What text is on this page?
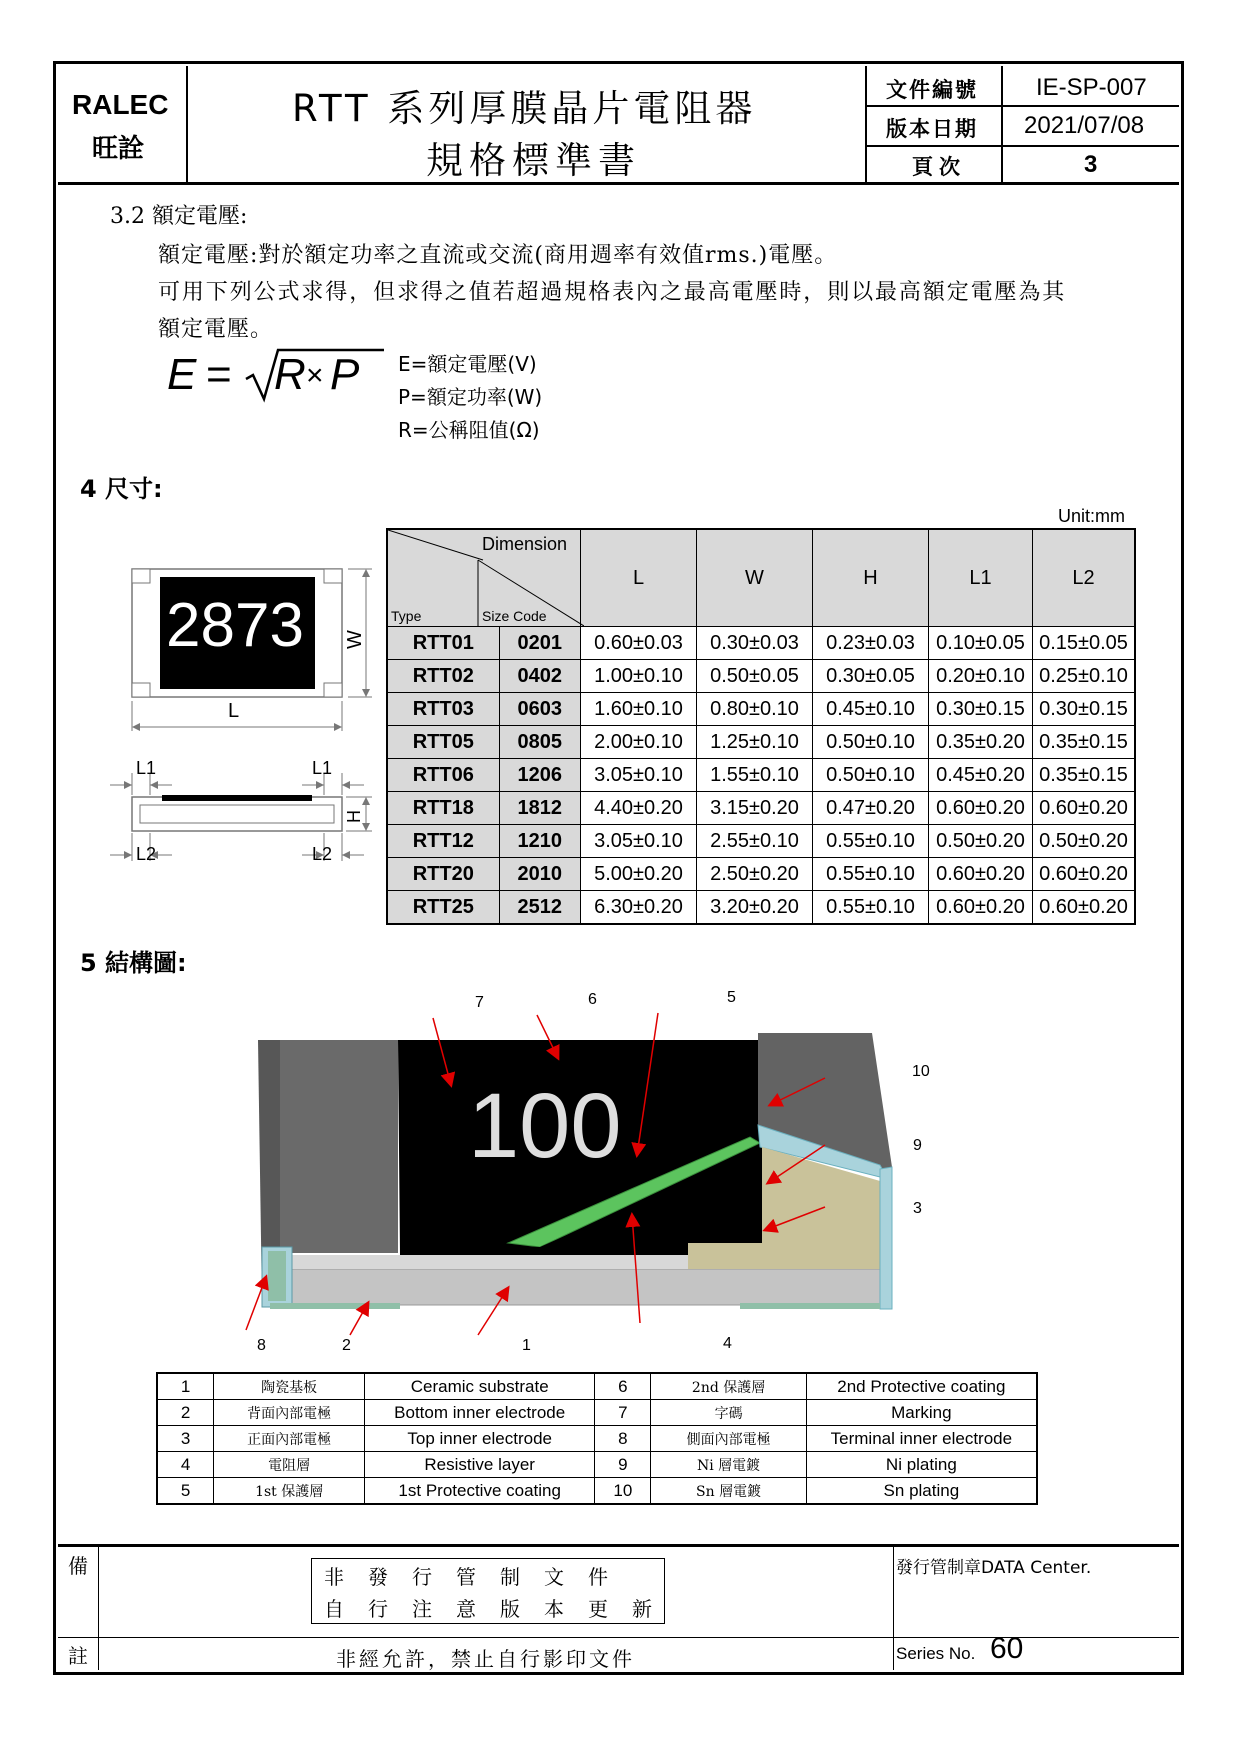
RALEC
旺詮
RTT 系列厚膜晶片電阻器
規格標準書
文件編號 IE-SP-007
版本日期 2021/07/08
頁次	3
3.2 額定電壓:
額定電壓:對於額定功率之直流或交流(商用週率有效值rms.)電壓。
可用下列公式求得，但求得之值若超過規格表內之最高電壓時，則以最高額定電壓為其
額定電壓。
E = R × P E=額定電壓(V)
P=額定功率(W)
R=公稱阻值(Ω)
4 尺寸:
Unit:mm
2873 W
L
L1	L1
H
L2	L2
Dimension
Type Size Code		L	W	H	L1	L2
RTT01	0201	0.60±0.03	0.30±0.03	0.23±0.03	0.10±0.05	0.15±0.05
RTT02	0402	1.00±0.10	0.50±0.05	0.30±0.05	0.20±0.10	0.25±0.10
RTT03	0603	1.60±0.10	0.80±0.10	0.45±0.10	0.30±0.15	0.30±0.15
RTT05	0805	2.00±0.10	1.25±0.10	0.50±0.10	0.35±0.20	0.35±0.15
RTT06	1206	3.05±0.10	1.55±0.10	0.50±0.10	0.45±0.20	0.35±0.15
RTT18	1812	4.40±0.20	3.15±0.20	0.47±0.20	0.60±0.20	0.60±0.20
RTT12	1210	3.05±0.10	2.55±0.10	0.55±0.10	0.50±0.20	0.50±0.20
RTT20	2010	5.00±0.20	2.50±0.20	0.55±0.10	0.60±0.20	0.60±0.20
RTT25	2512	6.30±0.20	3.20±0.20	0.55±0.10	0.60±0.20	0.60±0.20
5 結構圖:
100
7	6	5
10
9
3
4
1
2
8
1	陶瓷基板	Ceramic substrate	6	2nd 保護層	2nd Protective coating
2	背面內部電極	Bottom inner electrode	7	字碼	Marking
3	正面內部電極	Top inner electrode	8	側面內部電極	Terminal inner electrode
4	電阻層	Resistive layer	9	Ni 層電鍍	Ni plating
5	1st 保護層	1st Protective coating	10	Sn 層電鍍	Sn plating
備
註
非	發	行	管	制	文	件	
自	行	注	意	版	本	更	新
非經允許，禁止自行影印文件
發行管制章DATA Center.
Series No. 60
